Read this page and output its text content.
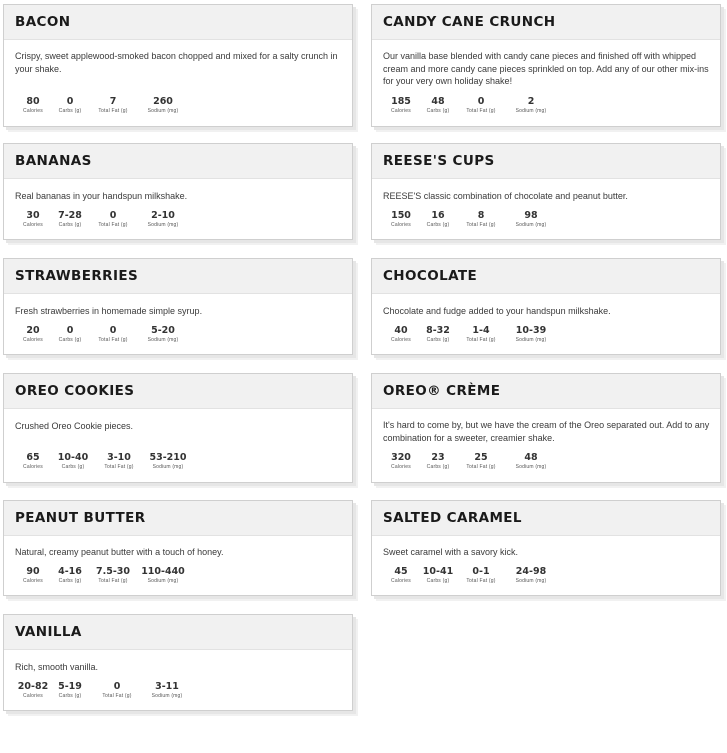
BACON
Crispy, sweet applewood-smoked bacon chopped and mixed for a salty crunch in your shake.
80
Calories
0
Carbs (g)
7
Total Fat (g)
260
Sodium (mg)
CANDY CANE CRUNCH
Our vanilla base blended with candy cane pieces and finished off with whipped cream and more candy cane pieces sprinkled on top. Add any of our other mix-ins for your very own holiday shake!
185
Calories
48
Carbs (g)
0
Total Fat (g)
2
Sodium (mg)
BANANAS
Real bananas in your handspun milkshake.
30
Calories
7-28
Carbs (g)
0
Total Fat (g)
2-10
Sodium (mg)
REESE'S CUPS
REESE'S classic combination of chocolate and peanut butter.
150
Calories
16
Carbs (g)
8
Total Fat (g)
98
Sodium (mg)
STRAWBERRIES
Fresh strawberries in homemade simple syrup.
20
Calories
0
Carbs (g)
0
Total Fat (g)
5-20
Sodium (mg)
CHOCOLATE
Chocolate and fudge added to your handspun milkshake.
40
Calories
8-32
Carbs (g)
1-4
Total Fat (g)
10-39
Sodium (mg)
OREO COOKIES
Crushed Oreo Cookie pieces.
65
Calories
10-40
Carbs (g)
3-10
Total Fat (g)
53-210
Sodium (mg)
OREO® CRÈME
It's hard to come by, but we have the cream of the Oreo separated out. Add to any combination for a sweeter, creamier shake.
320
Calories
23
Carbs (g)
25
Total Fat (g)
48
Sodium (mg)
PEANUT BUTTER
Natural, creamy peanut butter with a touch of honey.
90
Calories
4-16
Carbs (g)
7.5-30
Total Fat (g)
110-440
Sodium (mg)
SALTED CARAMEL
Sweet caramel with a savory kick.
45
Calories
10-41
Carbs (g)
0-1
Total Fat (g)
24-98
Sodium (mg)
VANILLA
Rich, smooth vanilla.
20-82
Calories
5-19
Carbs (g)
0
Total Fat (g)
3-11
Sodium (mg)
